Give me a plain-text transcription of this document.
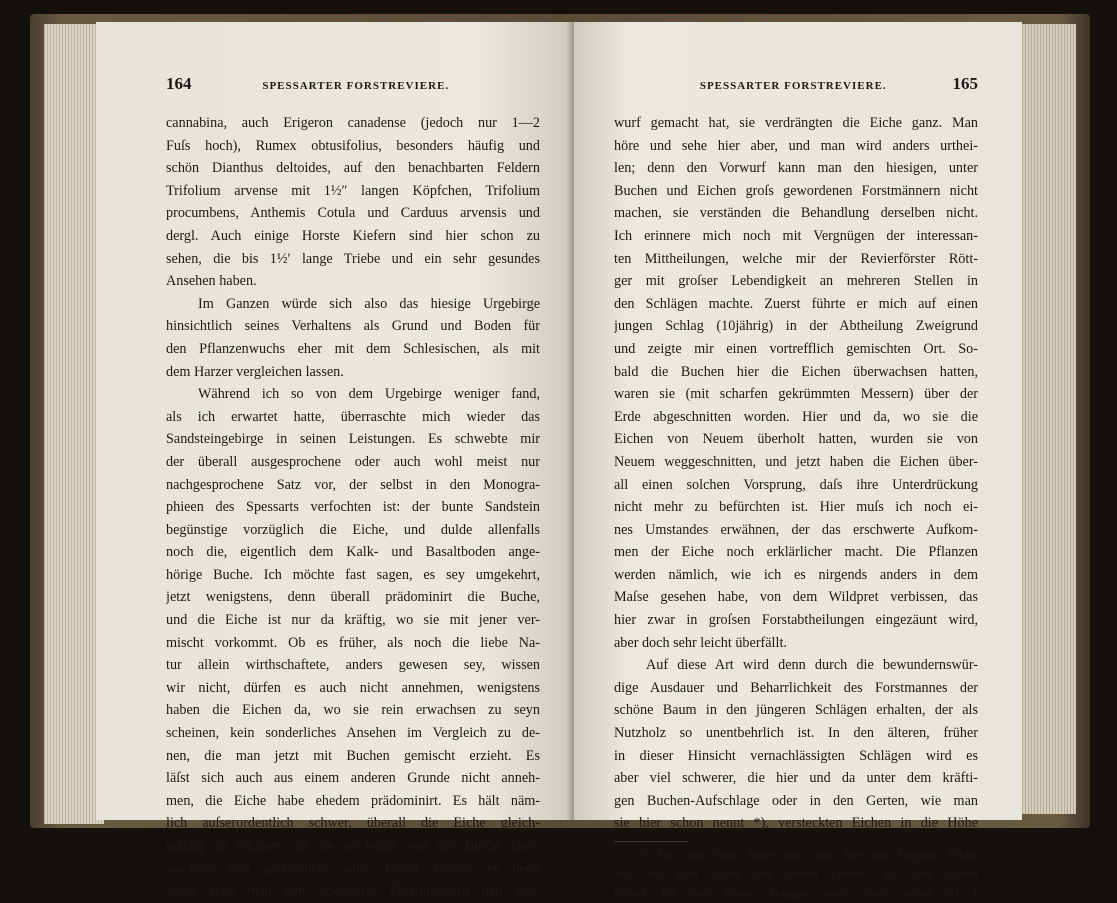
164	SPESSARTER FORSTREVIERE.
cannabina, auch Erigeron canadense (jedoch nur 1—2
Fuſs hoch), Rumex obtusifolius, besonders häufig und
schön Dianthus deltoides, auf den benachbarten Feldern
Trifolium arvense mit 1½″ langen Köpfchen, Trifolium
procumbens, Anthemis Cotula und Carduus arvensis und
dergl. Auch einige Horste Kiefern sind hier schon zu
sehen, die bis 1½′ lange Triebe und ein sehr gesundes
Ansehen haben.
Im Ganzen würde sich also das hiesige Urgebirge
hinsichtlich seines Verhaltens als Grund und Boden für
den Pflanzenwuchs eher mit dem Schlesischen, als mit
dem Harzer vergleichen lassen.
Während ich so von dem Urgebirge weniger fand,
als ich erwartet hatte, überraschte mich wieder das
Sandsteingebirge in seinen Leistungen. Es schwebte mir
der überall ausgesprochene oder auch wohl meist nur
nachgesprochene Satz vor, der selbst in den Monogra-
phieen des Spessarts verfochten ist: der bunte Sandstein
begünstige vorzüglich die Eiche, und dulde allenfalls
noch die, eigentlich dem Kalk- und Basaltboden ange-
hörige Buche. Ich möchte fast sagen, es sey umgekehrt,
jetzt wenigstens, denn überall prädominirt die Buche,
und die Eiche ist nur da kräftig, wo sie mit jener ver-
mischt vorkommt. Ob es früher, als noch die liebe Na-
tur allein wirthschaftete, anders gewesen sey, wissen
wir nicht, dürfen es auch nicht annehmen, wenigstens
haben die Eichen da, wo sie rein erwachsen zu seyn
scheinen, kein sonderliches Ansehen im Vergleich zu de-
nen, die man jetzt mit Buchen gemischt erzieht. Es
läſst sich auch aus einem anderen Grunde nicht anneh-
men, die Eiche habe ehedem prädominirt. Es hält näm-
lich auſserordentlich schwer, überall die Eiche gleich-
mäſsig zu erhalten, da sie so leicht von der Buche über-
wachsen und unterdrückt wird. Daher kömmt es denn
wohl, daſs man den Spessarter Forstmännern den Vor-
SPESSARTER FORSTREVIERE.	165
wurf gemacht hat, sie verdrängten die Eiche ganz. Man
höre und sehe hier aber, und man wird anders urthei-
len; denn den Vorwurf kann man den hiesigen, unter
Buchen und Eichen groſs gewordenen Forstmännern nicht
machen, sie verständen die Behandlung derselben nicht.
Ich erinnere mich noch mit Vergnügen der interessan-
ten Mittheilungen, welche mir der Revierförster Rött-
ger mit groſser Lebendigkeit an mehreren Stellen in
den Schlägen machte. Zuerst führte er mich auf einen
jungen Schlag (10jährig) in der Abtheilung Zweigrund
und zeigte mir einen vortrefflich gemischten Ort. So-
bald die Buchen hier die Eichen überwachsen hatten,
waren sie (mit scharfen gekrümmten Messern) über der
Erde abgeschnitten worden. Hier und da, wo sie die
Eichen von Neuem überholt hatten, wurden sie von
Neuem weggeschnitten, und jetzt haben die Eichen über-
all einen solchen Vorsprung, daſs ihre Unterdrückung
nicht mehr zu befürchten ist. Hier muſs ich noch ei-
nes Umstandes erwähnen, der das erschwerte Aufkom-
men der Eiche noch erklärlicher macht. Die Pflanzen
werden nämlich, wie ich es nirgends anders in dem
Maſse gesehen habe, von dem Wildpret verbissen, das
hier zwar in groſsen Forstabtheilungen eingezäunt wird,
aber doch sehr leicht überfällt.
Auf diese Art wird denn durch die bewundernswür-
dige Ausdauer und Beharrlichkeit des Forstmannes der
schöne Baum in den jüngeren Schlägen erhalten, der als
Nutzholz so unentbehrlich ist. In den älteren, früher
in dieser Hinsicht vernachlässigten Schlägen wird es
aber viel schwerer, die hier und da unter dem kräfti-
gen Buchen-Aufschlage oder in den Gerten, wie man
sie hier schon nennt *), versteckten Eichen in die Höhe
*) Bis zum 6ten Jahre sagt man hier im Spessart Pflan-
zen, bis zum 15ten und 20sten Gerten, bis zum 25sten
Reidel, bis zum 30sten Stangen, noch ältere, selbst bis 1
